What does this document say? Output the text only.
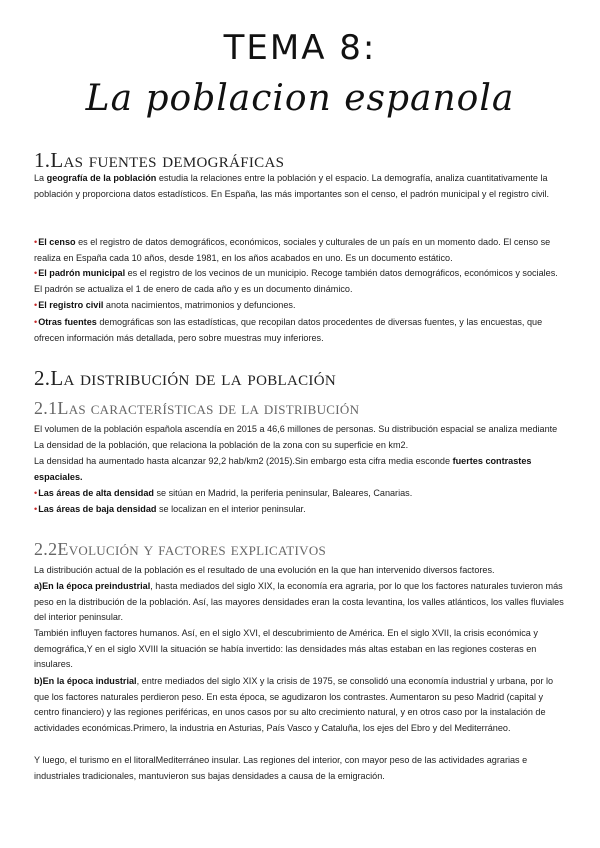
TEMA 8:
La poblacion espanola
1.Las fuentes demográficas

La geografía de la población estudia la relaciones entre la población y el espacio. La demografía, analiza cuantitativamente la población y proporciona datos estadísticos. En España, las más importantes son el censo, el padrón municipal y el registro civil.

•El censo es el registro de datos demográficos, económicos, sociales y culturales de un país en un momento dado. El censo se realiza en España cada 10 años, desde 1981, en los años acabados en uno. Es un documento estático.

•El padrón municipal es el registro de los vecinos de un municipio. Recoge también datos demográficos, económicos y sociales. El padrón se actualiza el 1 de enero de cada año y es un documento dinámico.

•El registro civil anota nacimientos, matrimonios y defunciones.

•Otras fuentes demográficas son las estadísticas, que recopilan datos procedentes de diversas fuentes, y las encuestas, que ofrecen información más detallada, pero sobre muestras muy inferiores.

2.La distribución de la población
2.1Las características de la distribución

El volumen de la población española ascendía en 2015 a 46,6 millones de personas. Su distribución espacial se analiza mediante La densidad de la población, que relaciona la población de la zona con su superficie en km2.

La densidad ha aumentado hasta alcanzar 92,2 hab/km2 (2015).Sin embargo esta cifra media esconde fuertes contrastes espaciales.

•Las áreas de alta densidad se sitúan en Madrid, la periferia peninsular, Baleares, Canarias.

•Las áreas de baja densidad se localizan en el interior peninsular.

2.2Evolución y factores explicativos

La distribución actual de la población es el resultado de una evolución en la que han intervenido diversos factores.

a)En la época preindustrial, hasta mediados del siglo XIX, la economía era agraria, por lo que los factores naturales tuvieron más peso en la distribución de la población. Así, las mayores densidades eran la costa levantina, los valles atlánticos, los valles fluviales del interior peninsular.

También influyen factores humanos. Así, en el siglo XVI, el descubrimiento de América. En el siglo XVII, la crisis económica y demográfica,Y en el siglo XVIII la situación se había invertido: las densidades más altas estaban en las regiones costeras en insulares.

b)En la época industrial, entre mediados del siglo XIX y la crisis de 1975, se consolidó una economía industrial y urbana, por lo que los factores naturales perdieron peso. En esta época, se agudizaron los contrastes. Aumentaron su peso Madrid (capital y centro financiero) y las regiones periféricas, en unos casos por su alto crecimiento natural, y en otros caso por la instalación de actividades económicas.Primero, la industria en Asturias, País Vasco y Cataluña, los ejes del Ebro y del Mediterráneo.

Y luego, el turismo en el litoralMediterráneo insular. Las regiones del interior, con mayor peso de las actividades agrarias e industriales tradicionales, mantuvieron sus bajas densidades a causa de la emigración.
